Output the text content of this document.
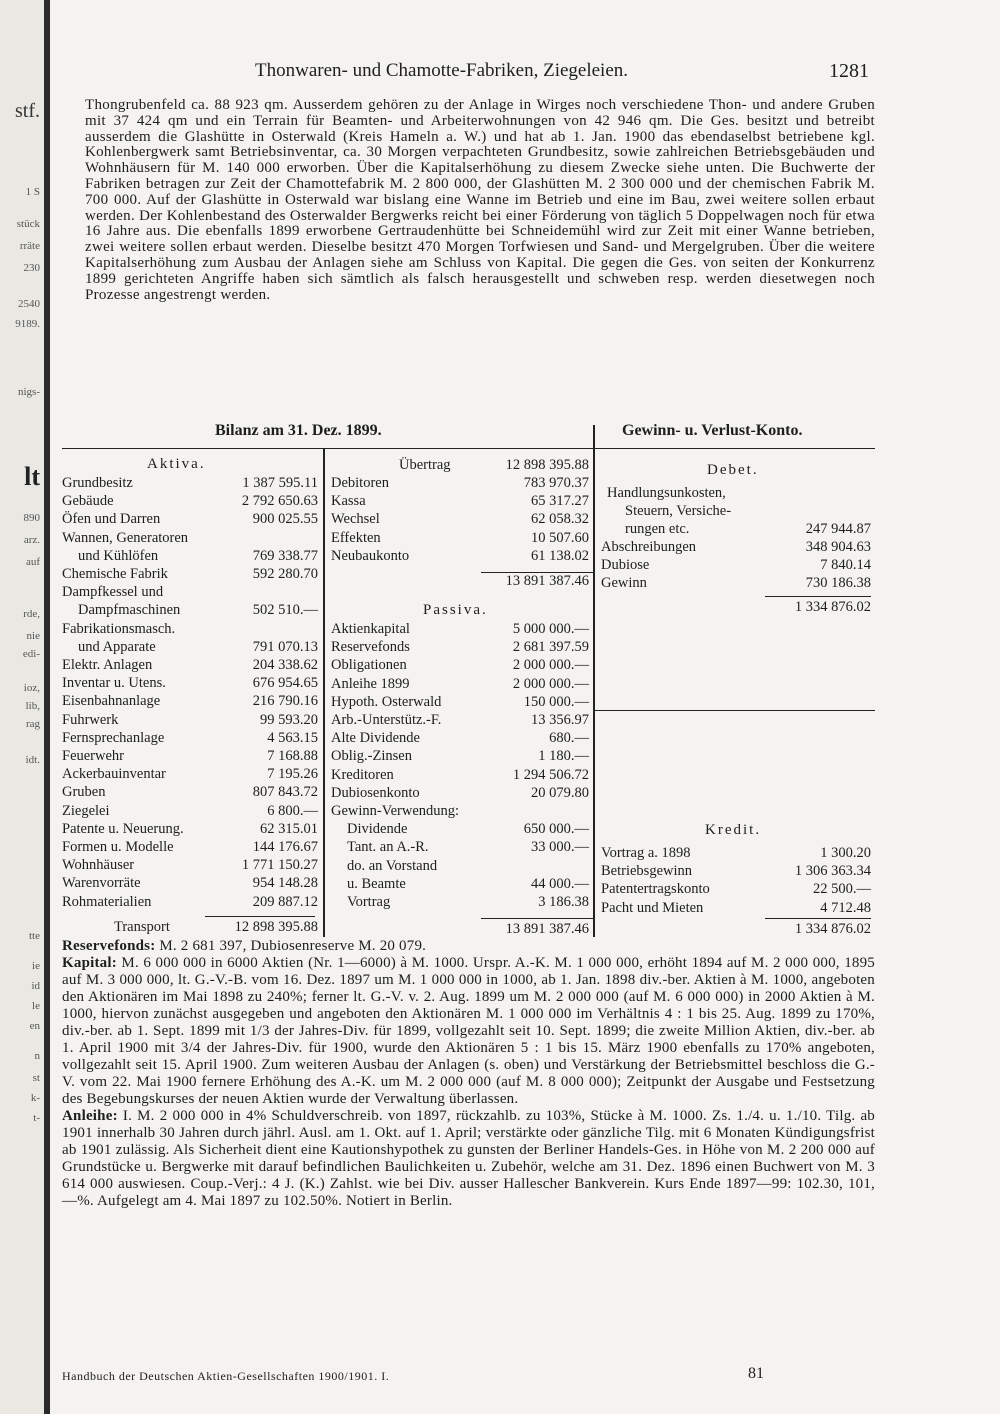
stf.
1 S
stück
rräte
230
2540
9189.
nigs-
lt
890
arz.
auf
rde,
nie
edi-
ioz,
lib,
rag
idt.
tte
ie
id
le
en
n
st
k-
t-
Thonwaren- und Chamotte-Fabriken, Ziegeleien.	1281
Thongrubenfeld ca. 88 923 qm. Ausserdem gehören zu der Anlage in Wirges noch verschiedene Thon- und andere Gruben mit 37 424 qm und ein Terrain für Beamten- und Arbeiterwohnungen von 42 946 qm. Die Ges. besitzt und betreibt ausserdem die Glashütte in Osterwald (Kreis Hameln a. W.) und hat ab 1. Jan. 1900 das ebendaselbst betriebene kgl. Kohlenbergwerk samt Betriebsinventar, ca. 30 Morgen verpachteten Grundbesitz, sowie zahlreichen Betriebsgebäuden und Wohnhäusern für M. 140 000 erworben. Über die Kapitalserhöhung zu diesem Zwecke siehe unten. Die Buchwerte der Fabriken betragen zur Zeit der Chamottefabrik M. 2 800 000, der Glashütten M. 2 300 000 und der chemischen Fabrik M. 700 000. Auf der Glashütte in Osterwald war bislang eine Wanne im Betrieb und eine im Bau, zwei weitere sollen erbaut werden. Der Kohlenbestand des Osterwalder Bergwerks reicht bei einer Förderung von täglich 5 Doppelwagen noch für etwa 16 Jahre aus. Die ebenfalls 1899 erworbene Gertraudenhütte bei Schneidemühl wird zur Zeit mit einer Wanne betrieben, zwei weitere sollen erbaut werden. Dieselbe besitzt 470 Morgen Torfwiesen und Sand- und Mergelgruben. Über die weitere Kapitalserhöhung zum Ausbau der Anlagen siehe am Schluss von Kapital. Die gegen die Ges. von seiten der Konkurrenz 1899 gerichteten Angriffe haben sich sämtlich als falsch herausgestellt und schweben resp. werden diesetwegen noch Prozesse angestrengt werden.
Bilanz am 31. Dez. 1899.
Aktiva.
Grundbesitz	1 387 595.11
Gebäude	2 792 650.63
Öfen und Darren	900 025.55
Wannen, Generatoren
und Kühlöfen	769 338.77
Chemische Fabrik	592 280.70
Dampfkessel und
Dampfmaschinen	502 510.—
Fabrikationsmasch.
und Apparate	791 070.13
Elektr. Anlagen	204 338.62
Inventar u. Utens.	676 954.65
Eisenbahnanlage	216 790.16
Fuhrwerk	99 593.20
Fernsprechanlage	4 563.15
Feuerwehr	7 168.88
Ackerbauinventar	7 195.26
Gruben	807 843.72
Ziegelei	6 800.—
Patente u. Neuerung.	62 315.01
Formen u. Modelle	144 176.67
Wohnhäuser	1 771 150.27
Warenvorräte	954 148.28
Rohmaterialien	209 887.12
Transport	12 898 395.88
Übertrag	12 898 395.88
Debitoren	783 970.37
Kassa	65 317.27
Wechsel	62 058.32
Effekten	10 507.60
Neubaukonto	61 138.02
13 891 387.46
Passiva.
Aktienkapital	5 000 000.—
Reservefonds	2 681 397.59
Obligationen	2 000 000.—
Anleihe 1899	2 000 000.—
Hypoth. Osterwald	150 000.—
Arb.-Unterstütz.-F.	13 356.97
Alte Dividende	680.—
Oblig.-Zinsen	1 180.—
Kreditoren	1 294 506.72
Dubiosenkonto	20 079.80
Gewinn-Verwendung:
Dividende	650 000.—
Tant. an A.-R.	33 000.—
do. an Vorstand
u. Beamte	44 000.—
Vortrag	3 186.38
13 891 387.46
Gewinn- u. Verlust-Konto.
Debet.
Handlungsunkosten,
Steuern, Versiche-
rungen etc.	247 944.87
Abschreibungen	348 904.63
Dubiose	7 840.14
Gewinn	730 186.38
1 334 876.02
Kredit.
Vortrag a. 1898	1 300.20
Betriebsgewinn	1 306 363.34
Patentertragskonto	22 500.—
Pacht und Mieten	4 712.48
1 334 876.02

Reservefonds: M. 2 681 397, Dubiosenreserve M. 20 079.

Kapital: M. 6 000 000 in 6000 Aktien (Nr. 1—6000) à M. 1000. Urspr. A.-K. M. 1 000 000, erhöht 1894 auf M. 2 000 000, 1895 auf M. 3 000 000, lt. G.-V.-B. vom 16. Dez. 1897 um M. 1 000 000 in 1000, ab 1. Jan. 1898 div.-ber. Aktien à M. 1000, angeboten den Aktionären im Mai 1898 zu 240%; ferner lt. G.-V. v. 2. Aug. 1899 um M. 2 000 000 (auf M. 6 000 000) in 2000 Aktien à M. 1000, hiervon zunächst ausgegeben und angeboten den Aktionären M. 1 000 000 im Verhältnis 4 : 1 bis 25. Aug. 1899 zu 170%, div.-ber. ab 1. Sept. 1899 mit 1/3 der Jahres-Div. für 1899, vollgezahlt seit 10. Sept. 1899; die zweite Million Aktien, div.-ber. ab 1. April 1900 mit 3/4 der Jahres-Div. für 1900, wurde den Aktionären 5 : 1 bis 15. März 1900 ebenfalls zu 170% angeboten, vollgezahlt seit 15. April 1900. Zum weiteren Ausbau der Anlagen (s. oben) und Verstärkung der Betriebsmittel beschloss die G.-V. vom 22. Mai 1900 fernere Erhöhung des A.-K. um M. 2 000 000 (auf M. 8 000 000); Zeitpunkt der Ausgabe und Festsetzung des Begebungskurses der neuen Aktien wurde der Verwaltung überlassen.

Anleihe: I. M. 2 000 000 in 4% Schuldverschreib. von 1897, rückzahlb. zu 103%, Stücke à M. 1000. Zs. 1./4. u. 1./10. Tilg. ab 1901 innerhalb 30 Jahren durch jährl. Ausl. am 1. Okt. auf 1. April; verstärkte oder gänzliche Tilg. mit 6 Monaten Kündigungsfrist ab 1901 zulässig. Als Sicherheit dient eine Kautionshypothek zu gunsten der Berliner Handels-Ges. in Höhe von M. 2 200 000 auf Grundstücke u. Bergwerke mit darauf befindlichen Baulichkeiten u. Zubehör, welche am 31. Dez. 1896 einen Buchwert von M. 3 614 000 auswiesen. Coup.-Verj.: 4 J. (K.) Zahlst. wie bei Div. ausser Hallescher Bankverein. Kurs Ende 1897—99: 102.30, 101, —%. Aufgelegt am 4. Mai 1897 zu 102.50%. Notiert in Berlin.

Handbuch der Deutschen Aktien-Gesellschaften 1900/1901. I.	81
